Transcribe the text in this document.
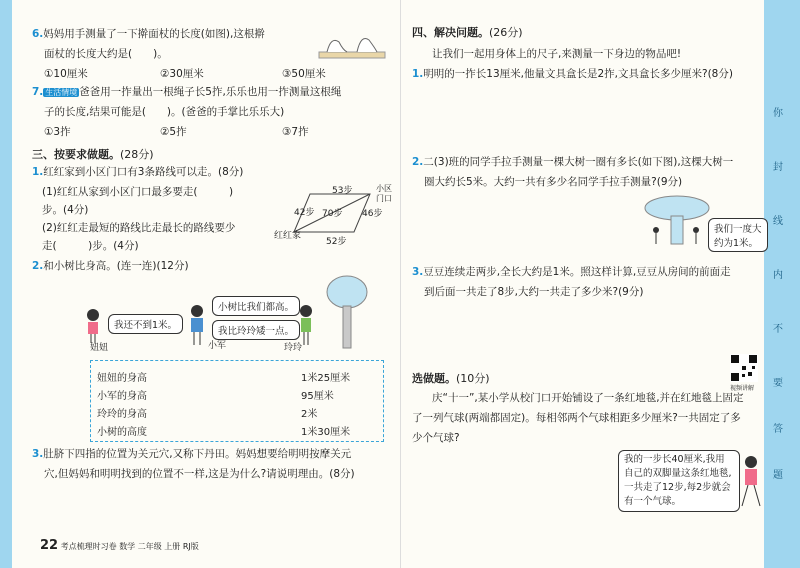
6.妈妈用手测量了一下擀面杖的长度(如图),这根擀
面杖的长度大约是(　　)。
①10厘米	②30厘米	③50厘米
7. 生活情境 爸爸用一拃量出一根绳子长5拃,乐乐也用一拃测量这根绳
子的长度,结果可能是(　　)。(爸爸的手掌比乐乐大)
①3拃	②5拃	③7拃
三、按要求做题。(28分)
1.红红家到小区门口有3条路线可以走。(8分)
(1)红红从家到小区门口最多要走(　　　)
步。(4分)
(2)红红走最短的路线比走最长的路线要少
走(　　　)步。(4分)
53步	小区
门口
42步 70步 46步
52步
红红家
2.和小树比身高。(连一连)(12分)
我还不到1米。
妞妞
小树比我们都高。
我比玲玲矮一点。
小军	玲玲
妞妞的身高	1米25厘米
小军的身高	95厘米
玲玲的身高	2米
小树的高度	1米30厘米
3.肚脐下四指的位置为关元穴,又称下丹田。妈妈想要给明明按摩关元
穴,但妈妈和明明找到的位置不一样,这是为什么?请说明理由。(8分)
四、解决问题。(26分)
让我们一起用身体上的尺子,来测量一下身边的物品吧!
1.明明的一拃长13厘米,他量文具盒长是2拃,文具盒长多少厘米?(8分)
2.二(3)班的同学手拉手测量一棵大树一圈有多长(如下图),这棵大树一
圈大约长5米。大约一共有多少名同学手拉手测量?(9分)
我们一度大约为1米。
3.豆豆连续走两步,全长大约是1米。照这样计算,豆豆从房间的前面走
到后面一共走了8步,大约一共走了多少米?(9分)
视频讲解
选做题。(10分)
庆“十一”,某小学从校门口开始铺设了一条红地毯,并在红地毯上固定
了一列气球(两端都固定)。每相邻两个气球相距多少厘米?一共固定了多
少个气球?
我的一步长40厘米,我用自己的双脚量这条红地毯,一共走了12步,每2步就会有一个气球。
22 考点梳理时习卷 数学 二年级 上册 RJ版
你
封
线
内
不
要
答
题
